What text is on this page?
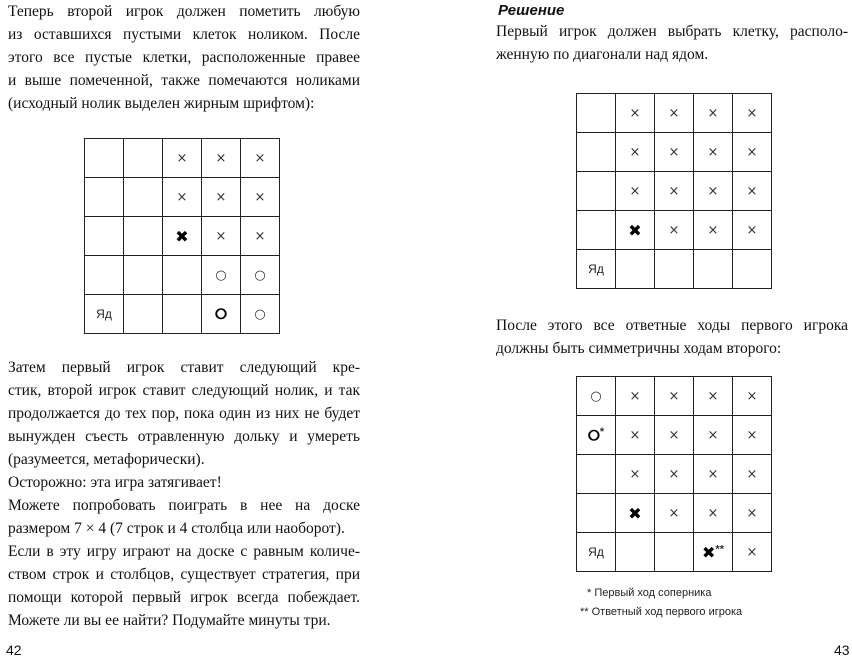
Теперь второй игрок должен пометить любую
из оставшихся пустыми клеток ноликом. После
этого все пустые клетки, расположенные правее
и выше помеченной, также помечаются ноликами
(исходный нолик выделен жирным шрифтом):
		×	×	×
		×	×	×
		✖	×	×
			○	○
Яд			⭘	○
Затем первый игрок ставит следующий кре-
стик, второй игрок ставит следующий нолик, и так
продолжается до тех пор, пока один из них не будет
вынужден съесть отравленную дольку и умереть
(разумеется, метафорически).
Осторожно: эта игра затягивает!
Можете попробовать поиграть в нее на доске
размером 7 × 4 (7 строк и 4 столбца или наоборот).
Если в эту игру играют на доске с равным количе-
ством строк и столбцов, существует стратегия, при
помощи которой первый игрок всегда побеждает.
Можете ли вы ее найти? Подумайте минуты три.
42
Решение
Первый игрок должен выбрать клетку, располо-
женную по диагонали над ядом.
	×	×	×	×
	×	×	×	×
	×	×	×	×
	✖	×	×	×
Яд				
После этого все ответные ходы первого игрока
должны быть симметричны ходам второго:
○	×	×	×	×
⭘*	×	×	×	×
	×	×	×	×
	✖	×	×	×
Яд			✖**	×
* Первый ход соперника
** Ответный ход первого игрока
43
